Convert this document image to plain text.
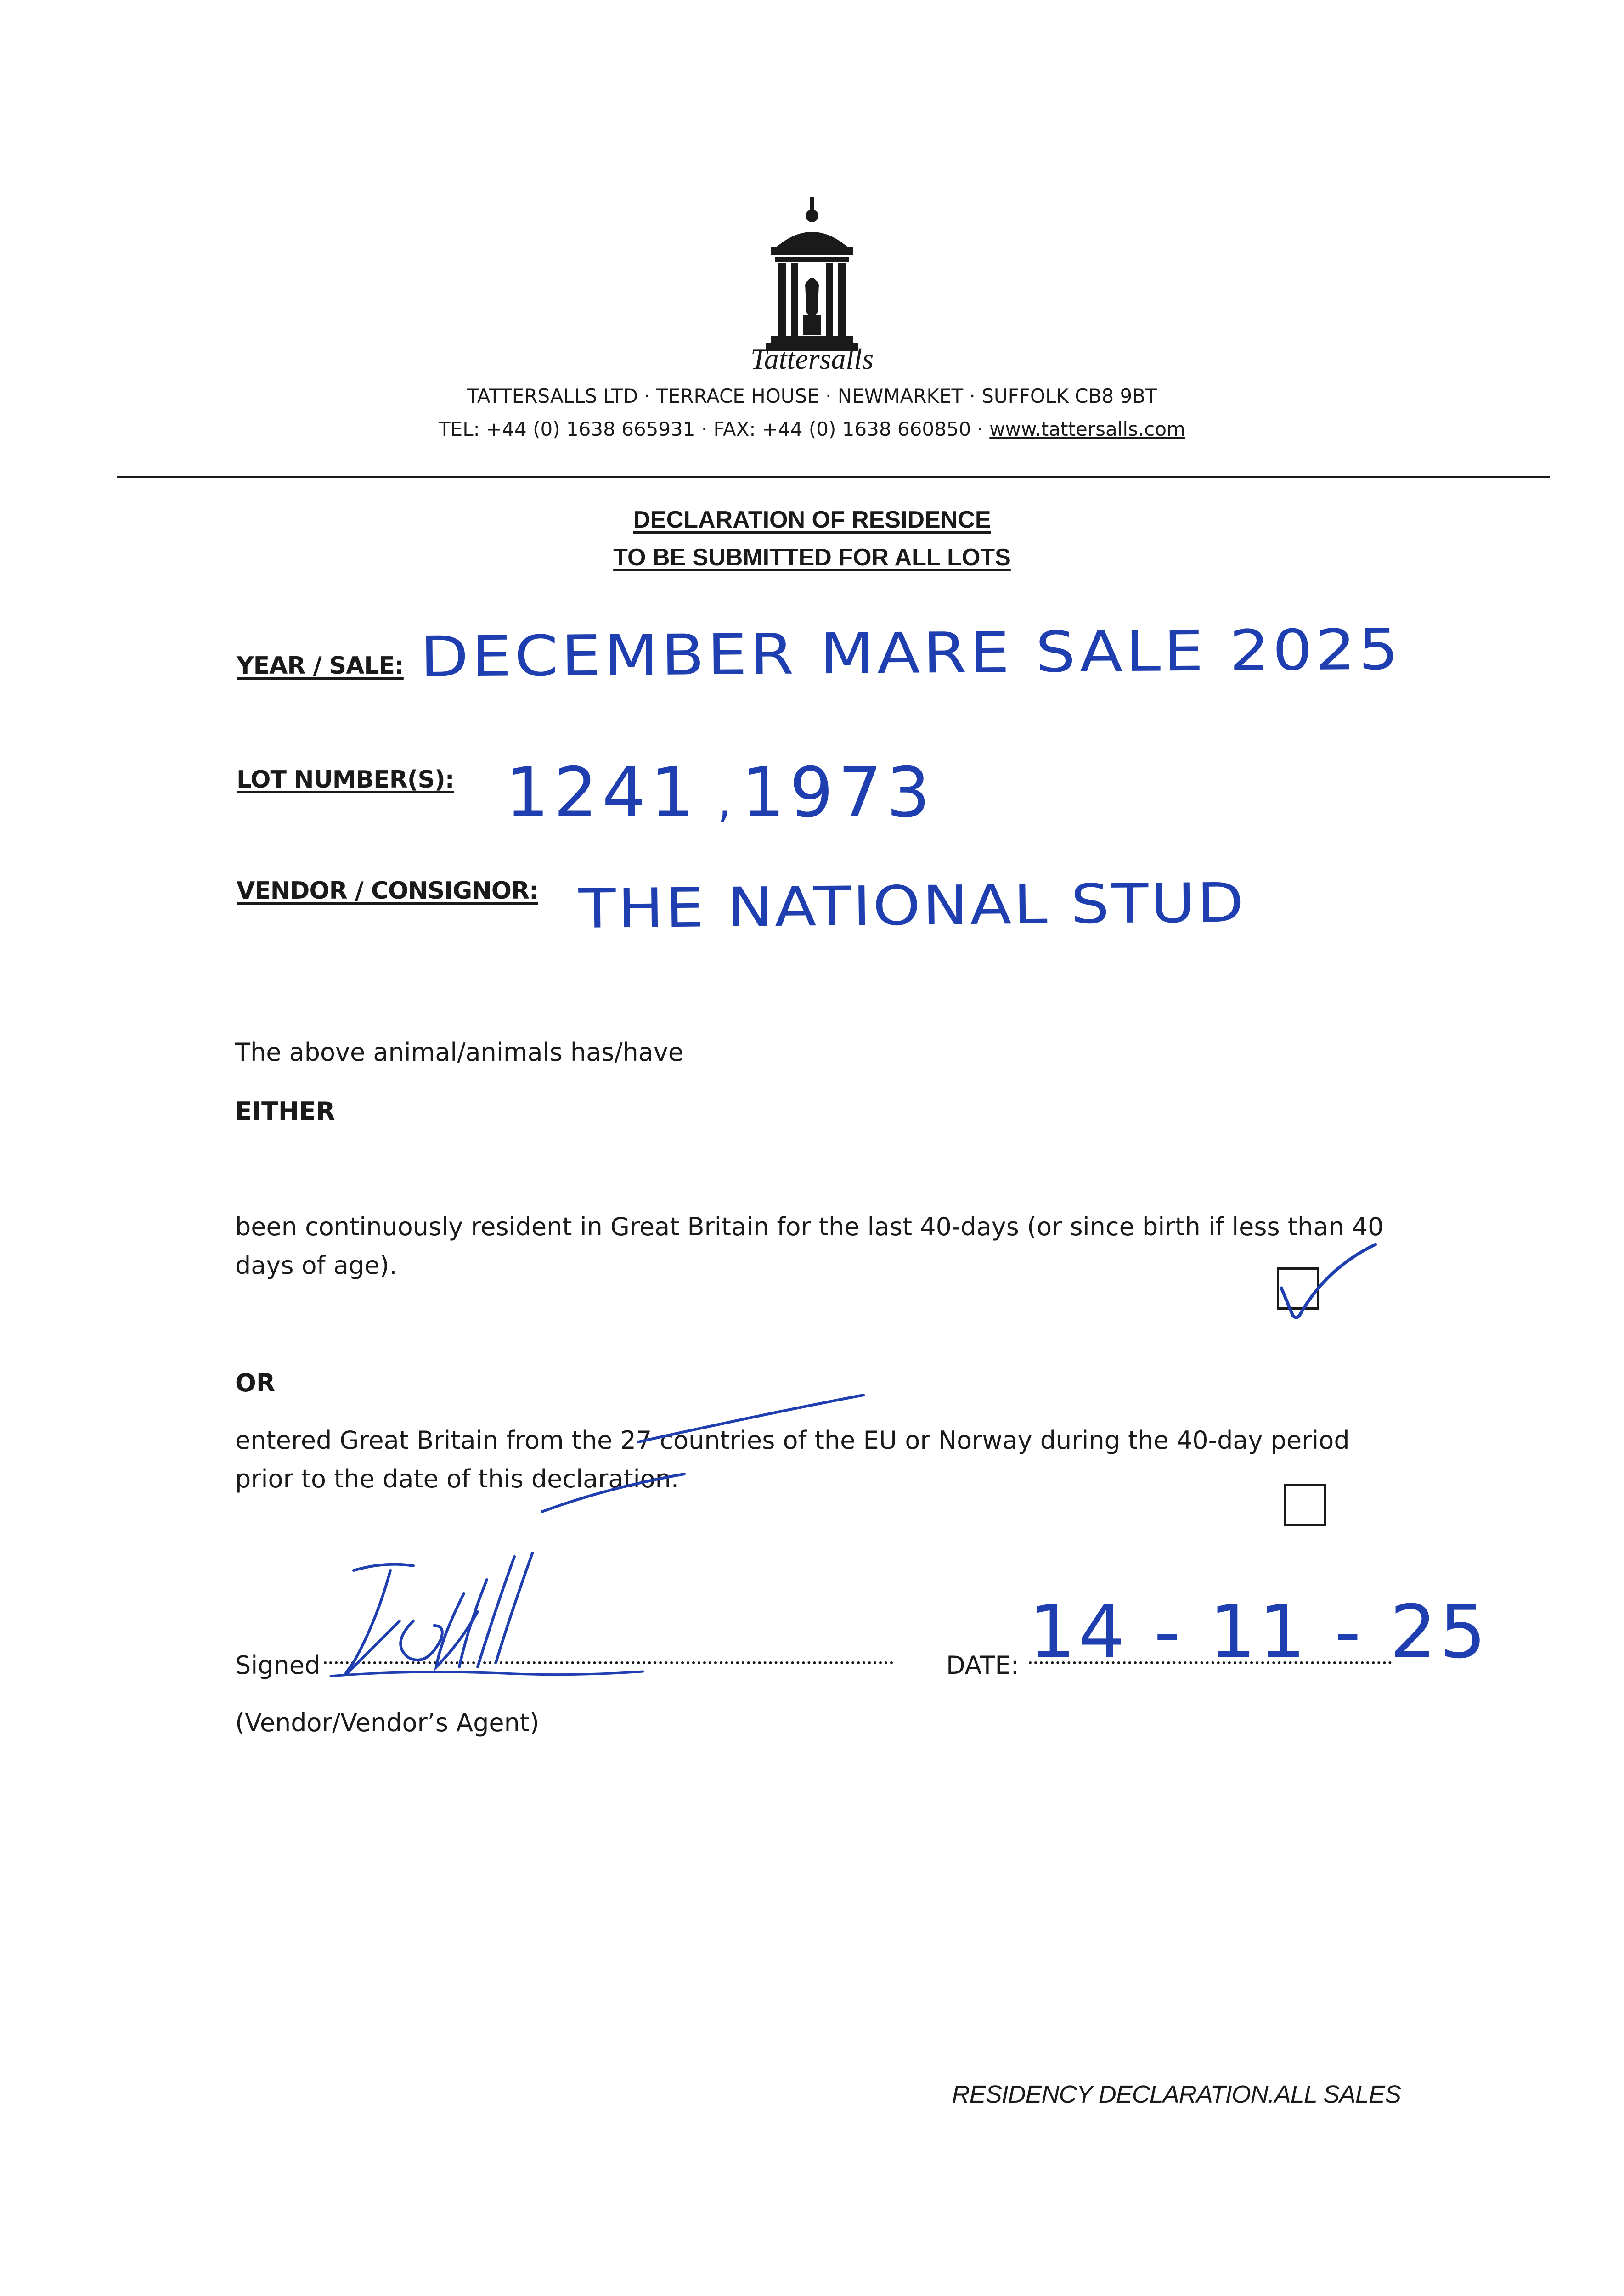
Tattersalls
TATTERSALLS LTD · TERRACE HOUSE · NEWMARKET · SUFFOLK CB8 9BT
TEL: +44 (0) 1638 665931 · FAX: +44 (0) 1638 660850 · www.tattersalls.com
DECLARATION OF RESIDENCE
TO BE SUBMITTED FOR ALL LOTS
YEAR / SALE: DECEMBER MARE SALE 2025
LOT NUMBER(S): 1241 ,1973
VENDOR / CONSIGNOR: THE NATIONAL STUD
The above animal/animals has/have
EITHER
been continuously resident in Great Britain for the last 40-days (or since birth if less than 40 days of age).
OR
entered Great Britain from the 27 countries of the EU or Norway during the 40-day period prior to the date of this declaration.
Signed	DATE: 14 - 11 - 25
(Vendor/Vendor’s Agent)
RESIDENCY DECLARATION.ALL SALES
